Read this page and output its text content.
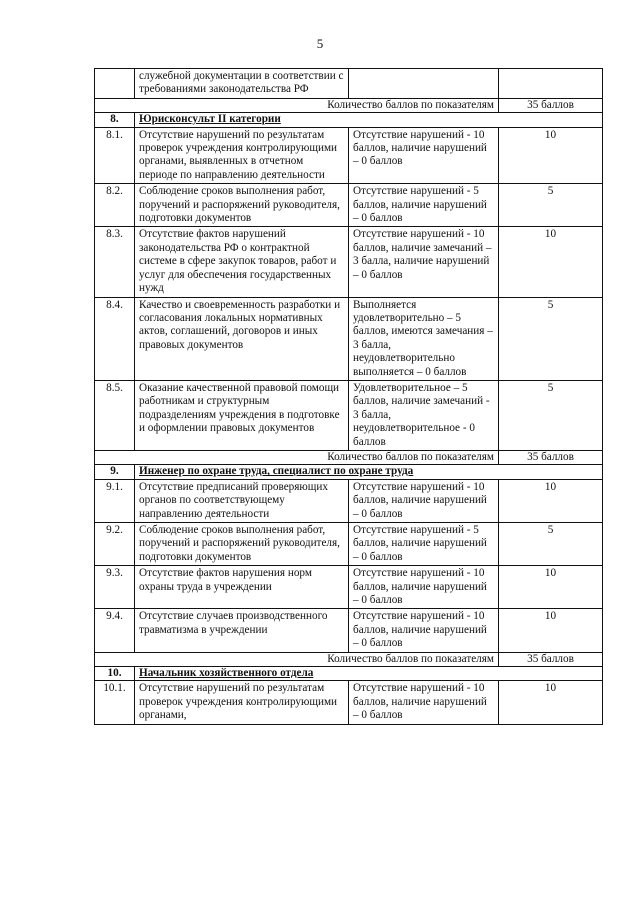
5
	служебной документации в соответствии с требованиями законодательства РФ		
Количество баллов по показателям			35 баллов
8.	Юрисконсульт II категории		
8.1.	Отсутствие нарушений по результатам проверок учреждения контролирующими органами, выявленных в отчетном периоде по направлению деятельности	Отсутствие нарушений - 10 баллов, наличие нарушений – 0 баллов	10
8.2.	Соблюдение сроков выполнения работ, поручений и распоряжений руководителя, подготовки документов	Отсутствие нарушений - 5 баллов, наличие нарушений – 0 баллов	5
8.3.	Отсутствие фактов нарушений законодательства РФ о контрактной системе в сфере закупок товаров, работ и услуг для обеспечения государственных нужд	Отсутствие нарушений - 10 баллов, наличие замечаний – 3 балла, наличие нарушений – 0 баллов	10
8.4.	Качество и своевременность разработки и согласования локальных нормативных актов, соглашений, договоров и иных правовых документов	Выполняется удовлетворительно – 5 баллов, имеются замечания – 3 балла, неудовлетворительно выполняется – 0 баллов	5
8.5.	Оказание качественной правовой помощи работникам и структурным подразделениям учреждения в подготовке и оформлении правовых документов	Удовлетворительное – 5 баллов, наличие замечаний - 3 балла, неудовлетворительное - 0 баллов	5
Количество баллов по показателям			35 баллов
9.	Инженер по охране труда, специалист по охране труда		
9.1.	Отсутствие предписаний проверяющих органов по соответствующему направлению деятельности	Отсутствие нарушений - 10 баллов, наличие нарушений – 0 баллов	10
9.2.	Соблюдение сроков выполнения работ, поручений и распоряжений руководителя, подготовки документов	Отсутствие нарушений - 5 баллов, наличие нарушений – 0 баллов	5
9.3.	Отсутствие фактов нарушения норм охраны труда в учреждении	Отсутствие нарушений - 10 баллов, наличие нарушений – 0 баллов	10
9.4.	Отсутствие случаев производственного травматизма в учреждении	Отсутствие нарушений - 10 баллов, наличие нарушений – 0 баллов	10
Количество баллов по показателям			35 баллов
10.	Начальник хозяйственного отдела		
10.1.	Отсутствие нарушений по результатам проверок учреждения контролирующими органами,	Отсутствие нарушений - 10 баллов, наличие нарушений – 0 баллов	10
